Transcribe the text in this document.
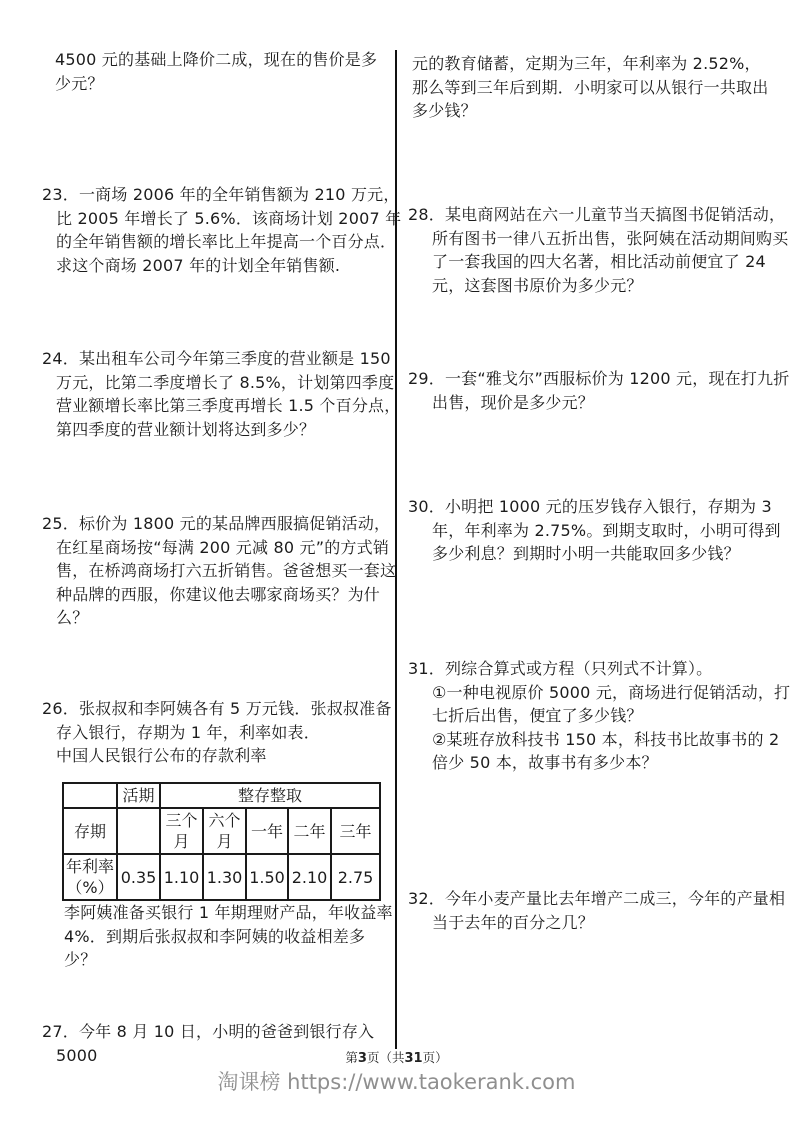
4500 元的基础上降价二成，现在的售价是多少元？
23．一商场 2006 年的全年销售额为 210 万元，比 2005 年增长了 5.6%．该商场计划 2007 年的全年销售额的增长率比上年提高一个百分点．求这个商场 2007 年的计划全年销售额.
24．某出租车公司今年第三季度的营业额是 150 万元，比第二季度增长了 8.5%，计划第四季度营业额增长率比第三季度再增长 1.5 个百分点，第四季度的营业额计划将达到多少？
25．标价为 1800 元的某品牌西服搞促销活动，在红星商场按“每满 200 元减 80 元”的方式销售，在桥鸿商场打六五折销售。爸爸想买一套这种品牌的西服，你建议他去哪家商场买？为什么？
26．张叔叔和李阿姨各有 5 万元钱．张叔叔准备存入银行，存期为 1 年，利率如表．
中国人民银行公布的存款利率
	活期	整存整取				
存期		三个月	六个月	一年	二年	三年
年利率（%）	0.35	1.10	1.30	1.50	2.10	2.75
李阿姨准备买银行 1 年期理财产品，年收益率 4%．到期后张叔叔和李阿姨的收益相差多少？
27．今年 8 月 10 日，小明的爸爸到银行存入 5000
元的教育储蓄，定期为三年，年利率为 2.52%，那么等到三年后到期．小明家可以从银行一共取出多少钱？
28．某电商网站在六一儿童节当天搞图书促销活动，所有图书一律八五折出售，张阿姨在活动期间购买了一套我国的四大名著，相比活动前便宜了 24 元，这套图书原价为多少元？
29．一套“雅戈尔”西服标价为 1200 元，现在打九折出售，现价是多少元？
30．小明把 1000 元的压岁钱存入银行，存期为 3 年，年利率为 2.75%。到期支取时，小明可得到多少利息？到期时小明一共能取回多少钱？
31．列综合算式或方程（只列式不计算）。
①一种电视原价 5000 元，商场进行促销活动，打七折后出售，便宜了多少钱？
②某班存放科技书 150 本，科技书比故事书的 2 倍少 50 本，故事书有多少本？
32．今年小麦产量比去年增产二成三，今年的产量相当于去年的百分之几？
第3页（共31页）
淘课榜 https://www.taokerank.com
